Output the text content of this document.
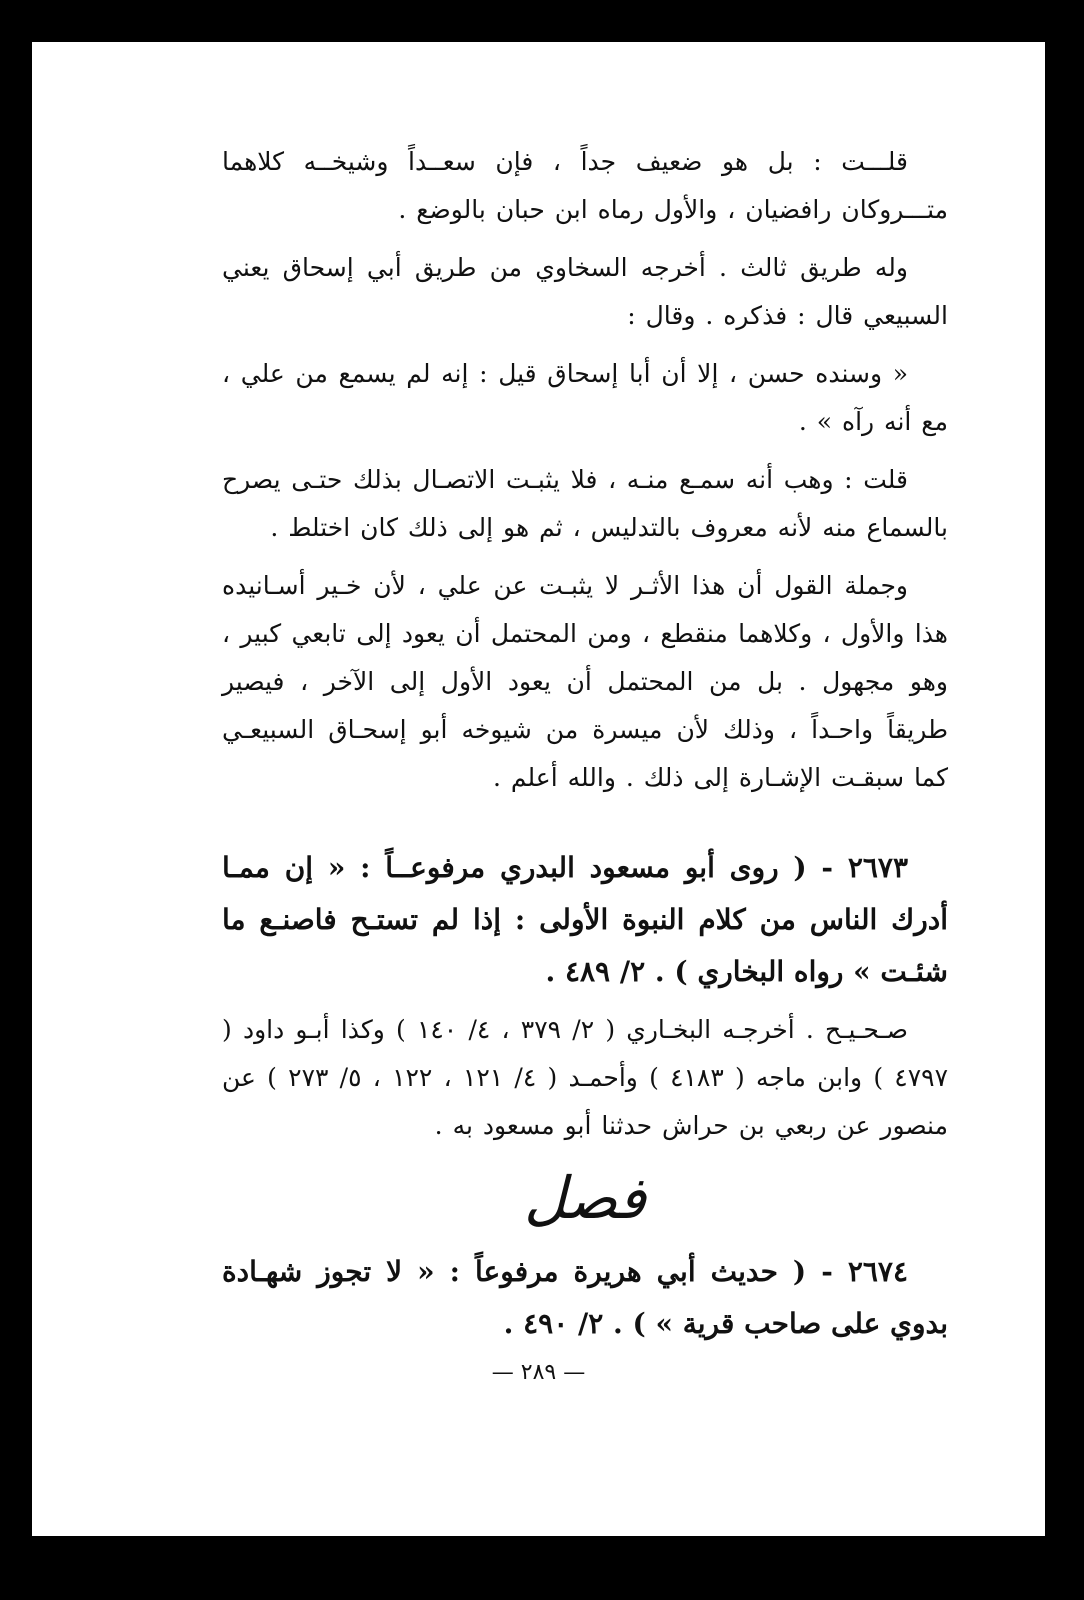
قلـــت : بل هو ضعيف جداً ، فإن سعــداً وشيخــه كلاهما متـــروكان رافضيان ، والأول رماه ابن حبان بالوضع .

وله طريق ثالث . أخرجه السخاوي من طريق أبي إسحاق يعني السبيعي قال : فذكره . وقال :

« وسنده حسن ، إلا أن أبا إسحاق قيل : إنه لم يسمع من علي ، مع أنه رآه » .

قلت : وهب أنه سمـع منـه ، فلا يثبـت الاتصـال بذلك حتـى يصرح بالسماع منه لأنه معروف بالتدليس ، ثم هو إلى ذلك كان اختلط .

وجملة القول أن هذا الأثـر لا يثبـت عن علي ، لأن خـير أسـانيده هذا والأول ، وكلاهما منقطع ، ومن المحتمل أن يعود إلى تابعي كبير ، وهو مجهول . بل من المحتمل أن يعود الأول إلى الآخر ، فيصير طريقاً واحـداً ، وذلك لأن ميسرة من شيوخه أبو إسحـاق السبيعـي كما سبقـت الإشـارة إلى ذلك . والله أعلم .

٢٦٧٣ - ( روى أبو مسعود البدري مرفوعــاً : « إن ممـا أدرك الناس من كلام النبوة الأولى : إذا لم تستـح فاصنـع ما شئـت » رواه البخاري ) . ٢/ ٤٨٩ .

صـحـيـح . أخرجـه البخـاري ( ٢/ ٣٧٩ ، ٤/ ١٤٠ ) وكذا أبـو داود ( ٤٧٩٧ ) وابن ماجه ( ٤١٨٣ ) وأحمـد ( ٤/ ١٢١ ، ١٢٢ ، ٥/ ٢٧٣ ) عن منصور عن ربعي بن حراش حدثنا أبو مسعود به .

فصل

٢٦٧٤ - ( حديث أبي هريرة مرفوعاً : « لا تجوز شهـادة بدوي على صاحب قرية » ) . ٢/ ٤٩٠ .

— ٢٨٩ —
